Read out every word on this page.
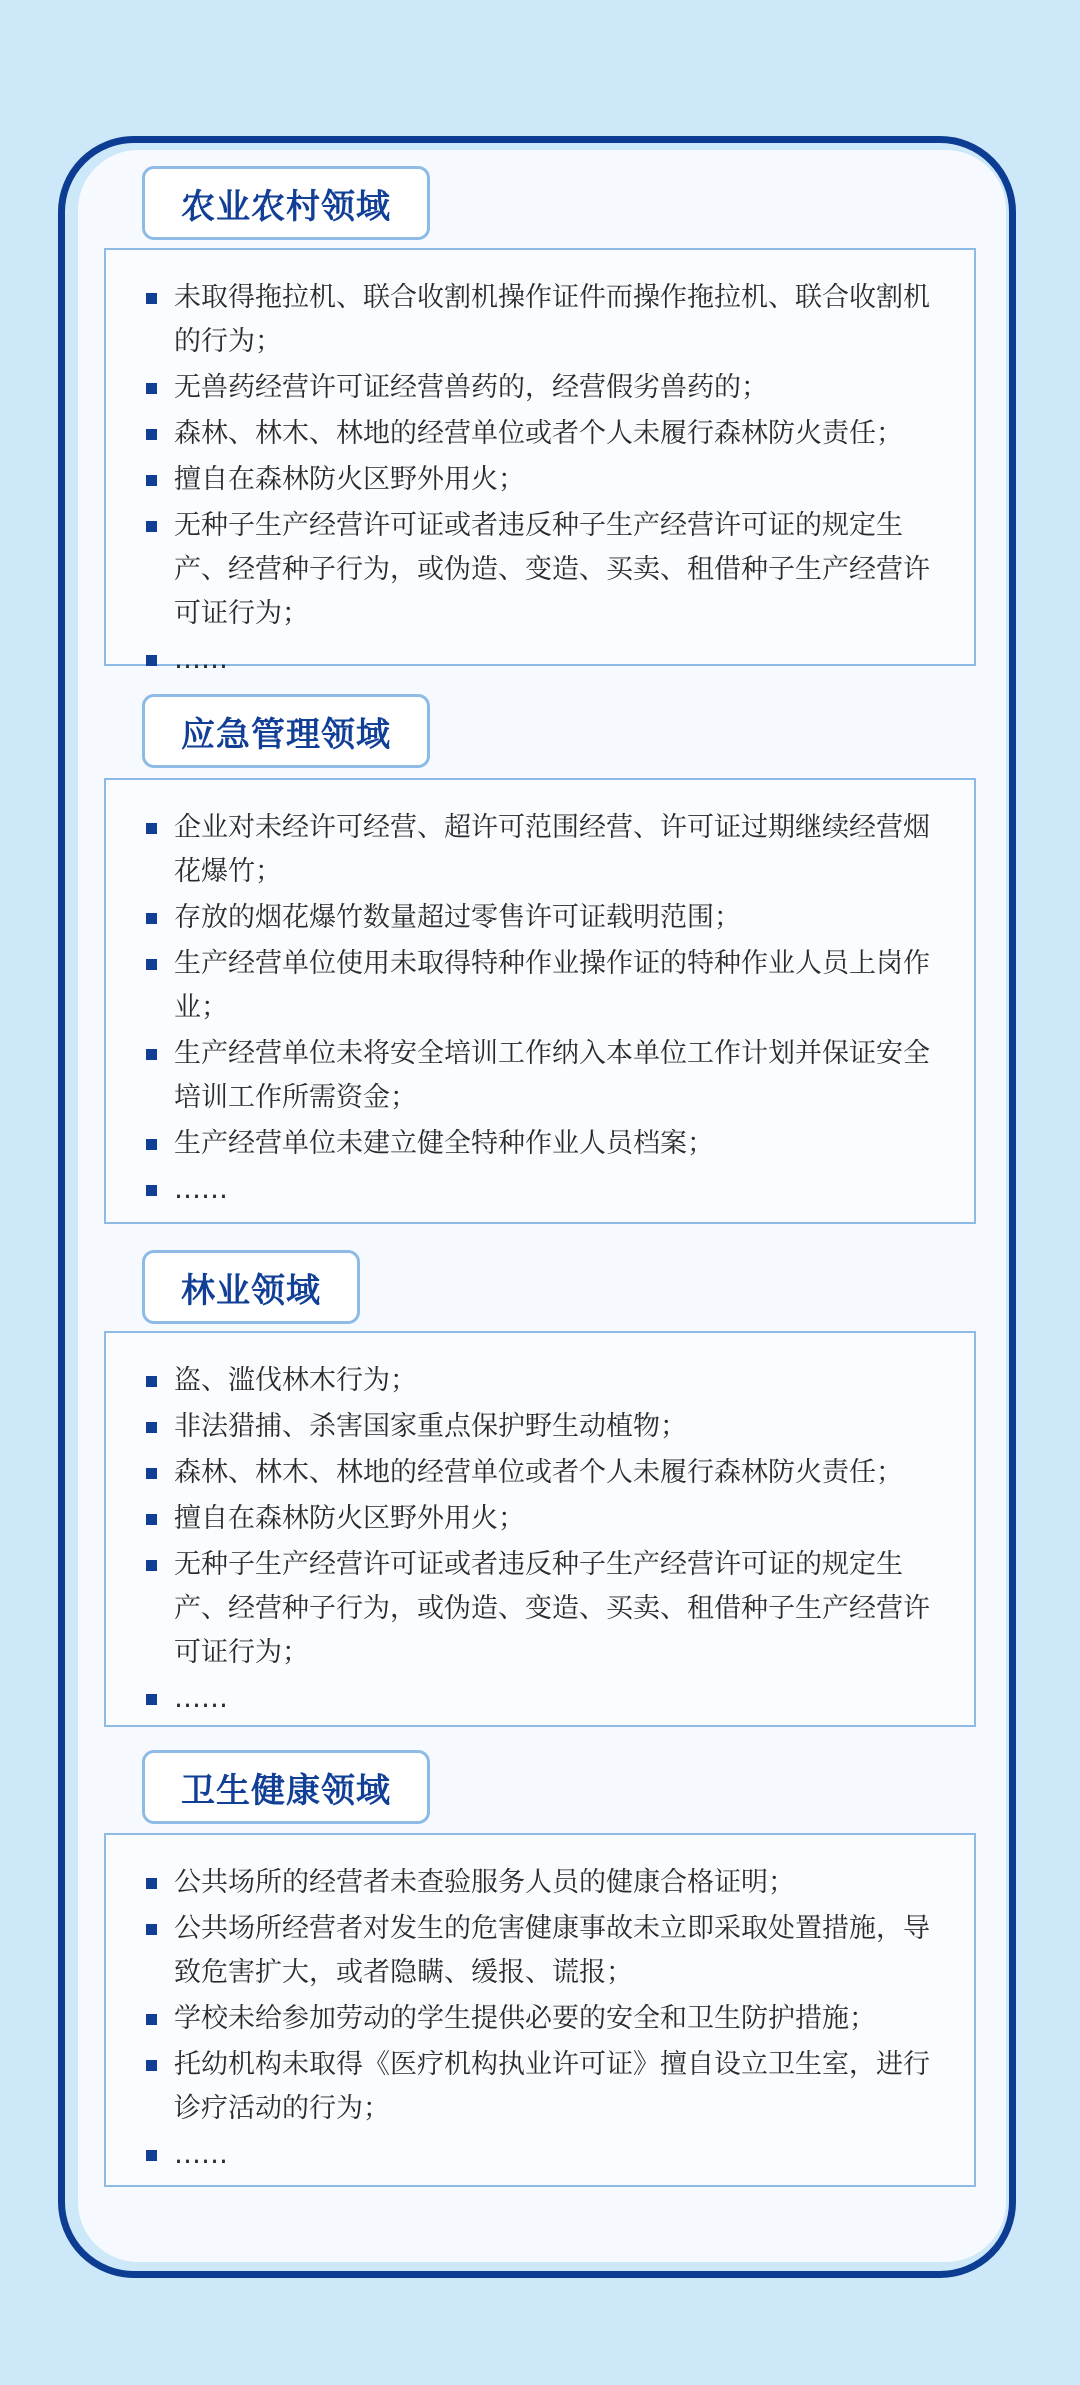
农业农村领域
未取得拖拉机、联合收割机操作证件而操作拖拉机、联合收割机的行为；
无兽药经营许可证经营兽药的，经营假劣兽药的；
森林、林木、林地的经营单位或者个人未履行森林防火责任；
擅自在森林防火区野外用火；
无种子生产经营许可证或者违反种子生产经营许可证的规定生产、经营种子行为，或伪造、变造、买卖、租借种子生产经营许可证行为；
……
应急管理领域
企业对未经许可经营、超许可范围经营、许可证过期继续经营烟花爆竹；
存放的烟花爆竹数量超过零售许可证载明范围；
生产经营单位使用未取得特种作业操作证的特种作业人员上岗作业；
生产经营单位未将安全培训工作纳入本单位工作计划并保证安全培训工作所需资金；
生产经营单位未建立健全特种作业人员档案；
……
林业领域
盗、滥伐林木行为；
非法猎捕、杀害国家重点保护野生动植物；
森林、林木、林地的经营单位或者个人未履行森林防火责任；
擅自在森林防火区野外用火；
无种子生产经营许可证或者违反种子生产经营许可证的规定生产、经营种子行为，或伪造、变造、买卖、租借种子生产经营许可证行为；
……
卫生健康领域
公共场所的经营者未查验服务人员的健康合格证明；
公共场所经营者对发生的危害健康事故未立即采取处置措施，导致危害扩大，或者隐瞒、缓报、谎报；
学校未给参加劳动的学生提供必要的安全和卫生防护措施；
托幼机构未取得《医疗机构执业许可证》擅自设立卫生室，进行诊疗活动的行为；
……
